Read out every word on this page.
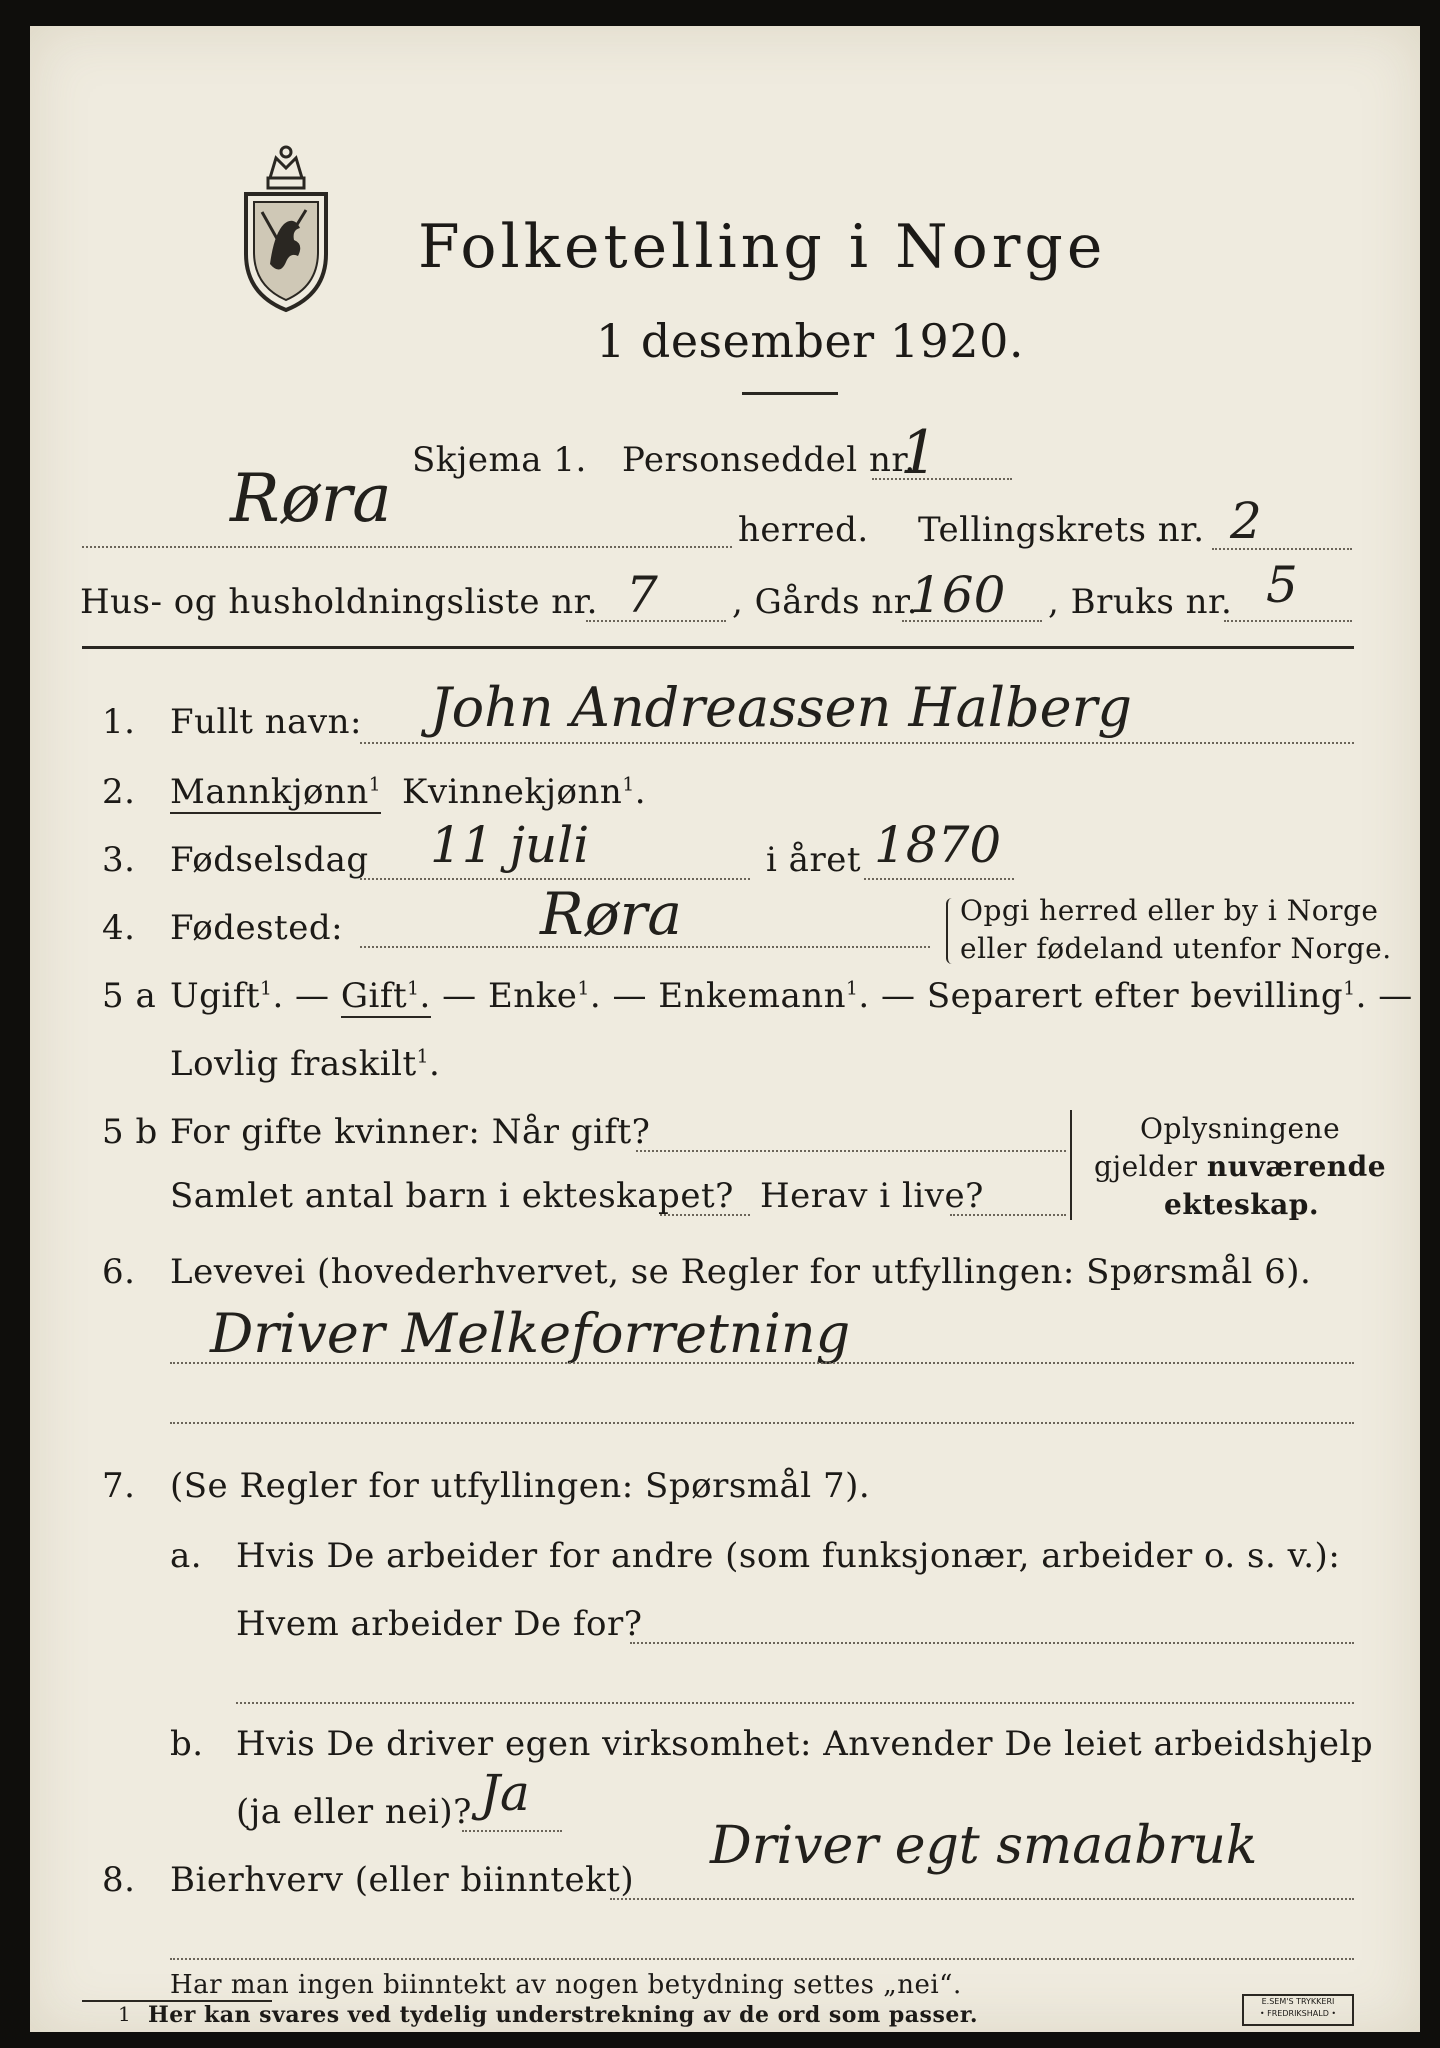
Folketelling i Norge
1 desember 1920.
Skjema 1. Personseddel nr.
1
Røra	herred. Tellingskrets nr. 2
Hus- og husholdningsliste nr. 7 , Gårds nr.
160 , Bruks nr. 5
1. Fullt navn: John Andreassen Halberg
2. Mannkjønn$^1$ Kvinnekjønn$^1$.
3. Fødselsdag 11 juli	i året 1870
4. Fødested:	Røra	Opgi herred eller by i Norge
eller fødeland utenfor Norge.
5 a Ugift$^1$. — Gift$^1$. — Enke$^1$. — Enkemann$^1$. — Separert efter bevilling$^1$. —
Lovlig fraskilt$^1$.
5 b For gifte kvinner: Når gift?
Samlet antal barn i ekteskapet? Herav i live?
Oplysningene
gjelder nuværende
ekteskap.
6. Levevei (hovederhvervet, se Regler for utfyllingen: Spørsmål 6).
Driver Melkeforretning
7. (Se Regler for utfyllingen: Spørsmål 7).
a. Hvis De arbeider for andre (som funksjonær, arbeider o. s. v.):
Hvem arbeider De for?
b. Hvis De driver egen virksomhet: Anvender De leiet arbeidshjelp
(ja eller nei)? Ja
8. Bierhverv (eller biinntekt)
Driver egt smaabruk
Har man ingen biinntekt av nogen betydning settes „nei“.
1 Her kan svares ved tydelig understrekning av de ord som passer.
E.SEM'S TRYKKERI
• FREDRIKSHALD •
